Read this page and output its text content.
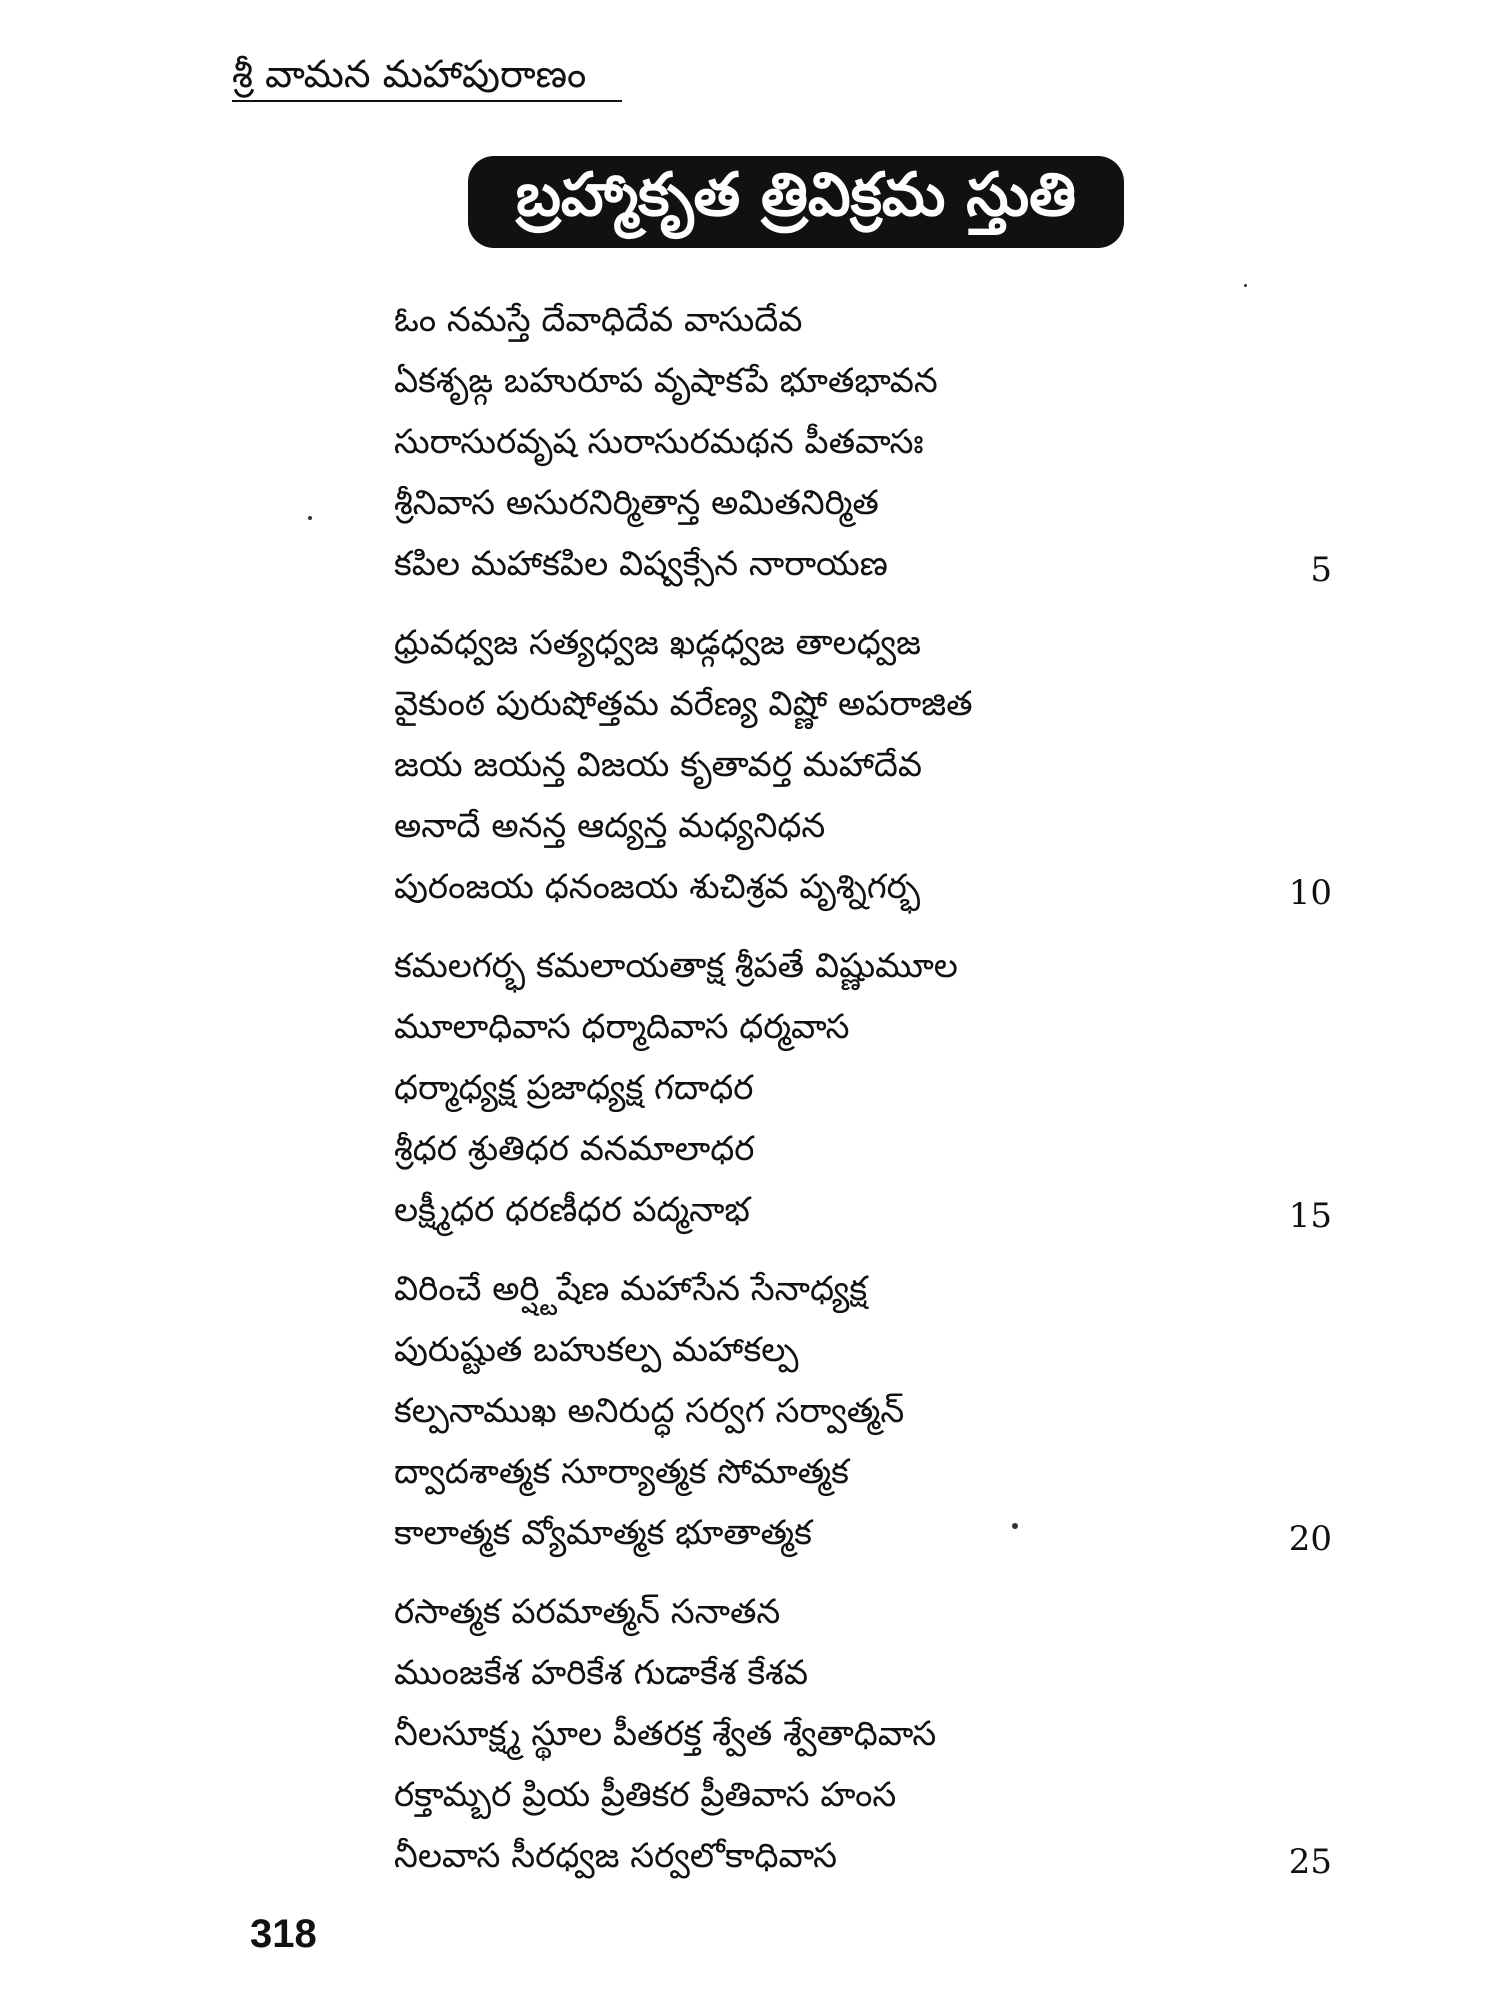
శ్రీ వామన మహాపురాణం
బ్రహ్మాకృత త్రివిక్రమ స్తుతి
ఓం నమస్తే దేవాధిదేవ వాసుదేవ
ఏకశృఙ్గ బహురూప వృషాకపే భూతభావన
సురాసురవృష సురాసురమథన పీతవాసః
శ్రీనివాస అసురనిర్మితాన్త అమితనిర్మిత
కపిల మహాకపిల విష్వక్సేన నారాయణ	5
ధ్రువధ్వజ సత్యధ్వజ ఖడ్గధ్వజ తాలధ్వజ
వైకుంఠ పురుషోత్తమ వరేణ్య విష్ణో అపరాజిత
జయ జయన్త విజయ కృతావర్త మహాదేవ
అనాదే అనన్త ఆద్యన్త మధ్యనిధన
పురంజయ ధనంజయ శుచిశ్రవ పృశ్నిగర్భ	10
కమలగర్భ కమలాయతాక్ష శ్రీపతే విష్ణుమూల
మూలాధివాస ధర్మాదివాస ధర్మవాస
ధర్మాధ్యక్ష ప్రజాధ్యక్ష గదాధర
శ్రీధర శ్రుతిధర వనమాలాధర
లక్ష్మీధర ధరణీధర పద్మనాభ	15
విరించే అర్ష్టిషేణ మహాసేన సేనాధ్యక్ష
పురుష్టుత బహుకల్ప మహాకల్ప
కల్పనాముఖ అనిరుద్ధ సర్వగ సర్వాత్మన్
ద్వాదశాత్మక సూర్యాత్మక సోమాత్మక
కాలాత్మక వ్యోమాత్మక భూతాత్మక	20
రసాత్మక పరమాత్మన్ సనాతన
ముంజకేశ హరికేశ గుడాకేశ కేశవ
నీలసూక్ష్మ స్థూల పీతరక్త శ్వేత శ్వేతాధివాస
రక్తామ్బర ప్రియ ప్రీతికర ప్రీతివాస హంస
నీలవాస సీరధ్వజ సర్వలోకాధివాస	25
318
